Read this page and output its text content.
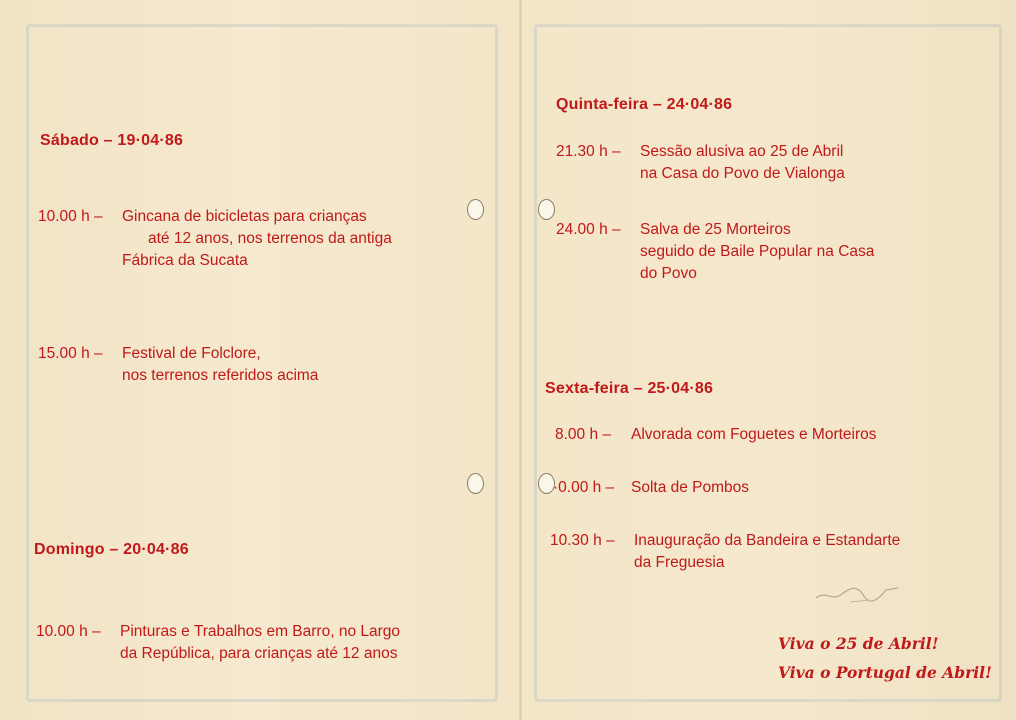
Sábado – 19·04·86
10.00 h – Gincana de bicicletas para crianças
até 12 anos, nos terrenos da antiga
Fábrica da Sucata
15.00 h – Festival de Folclore,
nos terrenos referidos acima
Domingo – 20·04·86
10.00 h – Pinturas e Trabalhos em Barro, no Largo
da República, para crianças até 12 anos
Quinta-feira – 24·04·86
21.30 h – Sessão alusiva ao 25 de Abril
na Casa do Povo de Vialonga
24.00 h – Salva de 25 Morteiros
seguido de Baile Popular na Casa
do Povo
Sexta-feira – 25·04·86
8.00 h – Alvorada com Foguetes e Morteiros
·0.00 h – Solta de Pombos
10.30 h – Inauguração da Bandeira e Estandarte
da Freguesia
Viva o 25 de Abril!
Viva o Portugal de Abril!
